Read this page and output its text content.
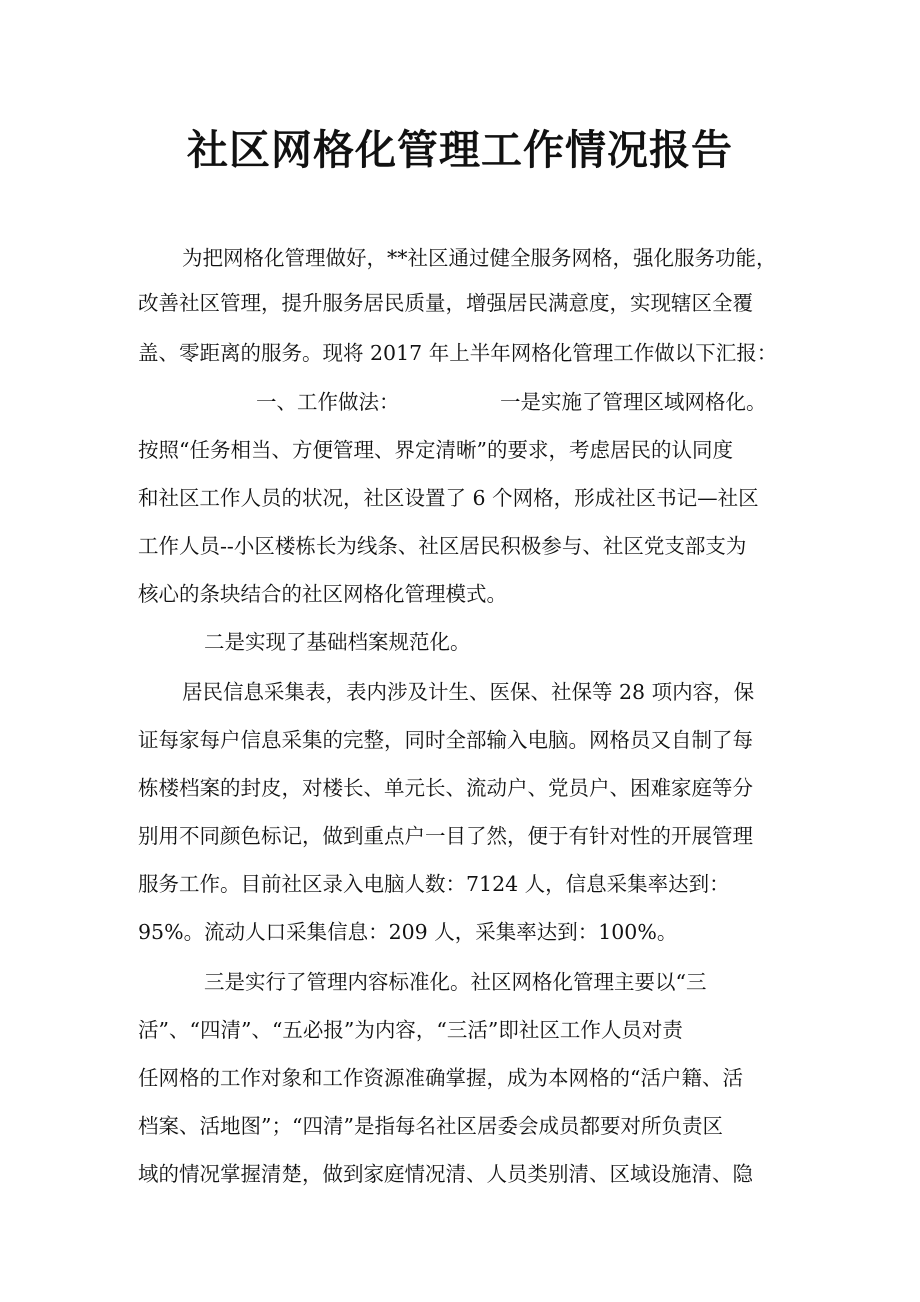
社区网格化管理工作情况报告

为把网格化管理做好，**社区通过健全服务网格，强化服务功能，

改善社区管理，提升服务居民质量，增强居民满意度，实现辖区全覆

盖、零距离的服务。现将 2017 年上半年网格化管理工作做以下汇报：

一、工作做法：	一是实施了管理区域网格化。

按照“任务相当、方便管理、界定清晰”的要求，考虑居民的认同度

和社区工作人员的状况，社区设置了 6 个网格，形成社区书记—社区

工作人员--小区楼栋长为线条、社区居民积极参与、社区党支部支为

核心的条块结合的社区网格化管理模式。

二是实现了基础档案规范化。

居民信息采集表，表内涉及计生、医保、社保等 28 项内容，保

证每家每户信息采集的完整，同时全部输入电脑。网格员又自制了每

栋楼档案的封皮，对楼长、单元长、流动户、党员户、困难家庭等分

别用不同颜色标记，做到重点户一目了然，便于有针对性的开展管理

服务工作。目前社区录入电脑人数：7124 人，信息采集率达到：

95%。流动人口采集信息：209 人，采集率达到：100%。

三是实行了管理内容标准化。社区网格化管理主要以“三

活”、“四清”、“五必报”为内容，“三活”即社区工作人员对责

任网格的工作对象和工作资源准确掌握，成为本网格的“活户籍、活

档案、活地图”；“四清”是指每名社区居委会成员都要对所负责区

域的情况掌握清楚，做到家庭情况清、人员类别清、区域设施清、隐
